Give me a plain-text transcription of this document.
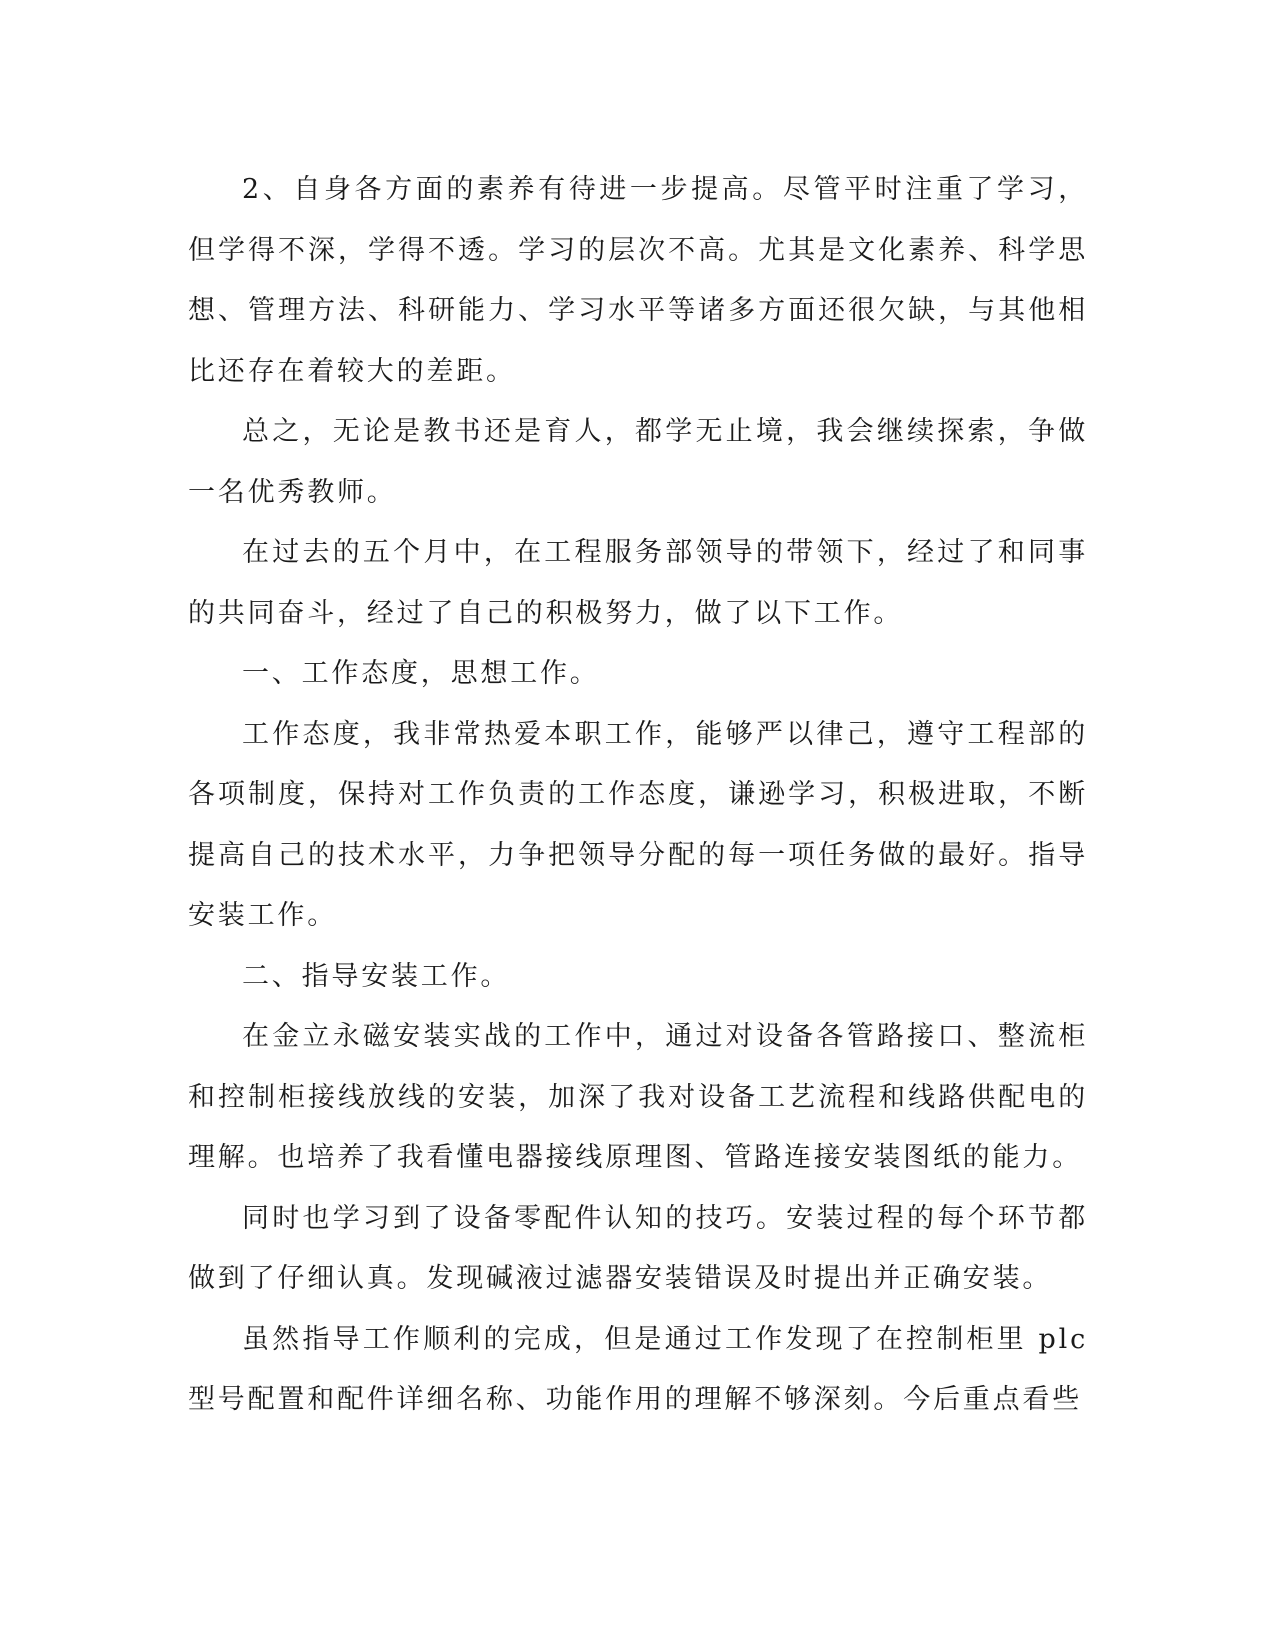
2、自身各方面的素养有待进一步提高。尽管平时注重了学习，但学得不深，学得不透。学习的层次不高。尤其是文化素养、科学思想、管理方法、科研能力、学习水平等诸多方面还很欠缺，与其他相比还存在着较大的差距。

总之，无论是教书还是育人，都学无止境，我会继续探索，争做一名优秀教师。

在过去的五个月中，在工程服务部领导的带领下，经过了和同事的共同奋斗，经过了自己的积极努力，做了以下工作。

一、工作态度，思想工作。

工作态度，我非常热爱本职工作，能够严以律己，遵守工程部的各项制度，保持对工作负责的工作态度，谦逊学习，积极进取，不断提高自己的技术水平，力争把领导分配的每一项任务做的最好。指导安装工作。

二、指导安装工作。

在金立永磁安装实战的工作中，通过对设备各管路接口、整流柜和控制柜接线放线的安装，加深了我对设备工艺流程和线路供配电的理解。也培养了我看懂电器接线原理图、管路连接安装图纸的能力。

同时也学习到了设备零配件认知的技巧。安装过程的每个环节都做到了仔细认真。发现碱液过滤器安装错误及时提出并正确安装。

虽然指导工作顺利的完成，但是通过工作发现了在控制柜里 plc 型号配置和配件详细名称、功能作用的理解不够深刻。今后重点看些
